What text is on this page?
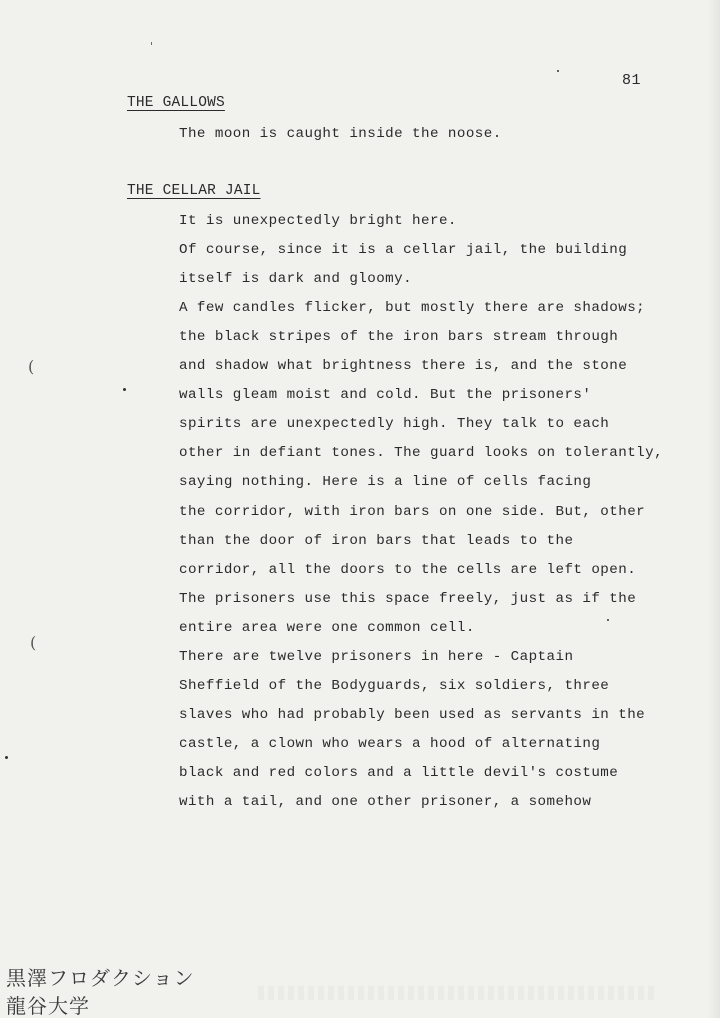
81
THE GALLOWS
The moon is caught inside the noose.
THE CELLAR JAIL
It is unexpectedly bright here.
Of course, since it is a cellar jail, the building
itself is dark and gloomy.
A few candles flicker, but mostly there are shadows;
the black stripes of the iron bars stream through
and shadow what brightness there is, and the stone
walls gleam moist and cold. But the prisoners'
spirits are unexpectedly high. They talk to each
other in defiant tones. The guard looks on tolerantly,
saying nothing. Here is a line of cells facing
the corridor, with iron bars on one side. But, other
than the door of iron bars that leads to the
corridor, all the doors to the cells are left open.
The prisoners use this space freely, just as if the
entire area were one common cell.
There are twelve prisoners in here - Captain
Sheffield of the Bodyguards, six soldiers, three
slaves who had probably been used as servants in the
castle, a clown who wears a hood of alternating
black and red colors and a little devil's costume
with a tail, and one other prisoner, a somehow
'
(
(
黒澤フロダクション
龍谷大学
